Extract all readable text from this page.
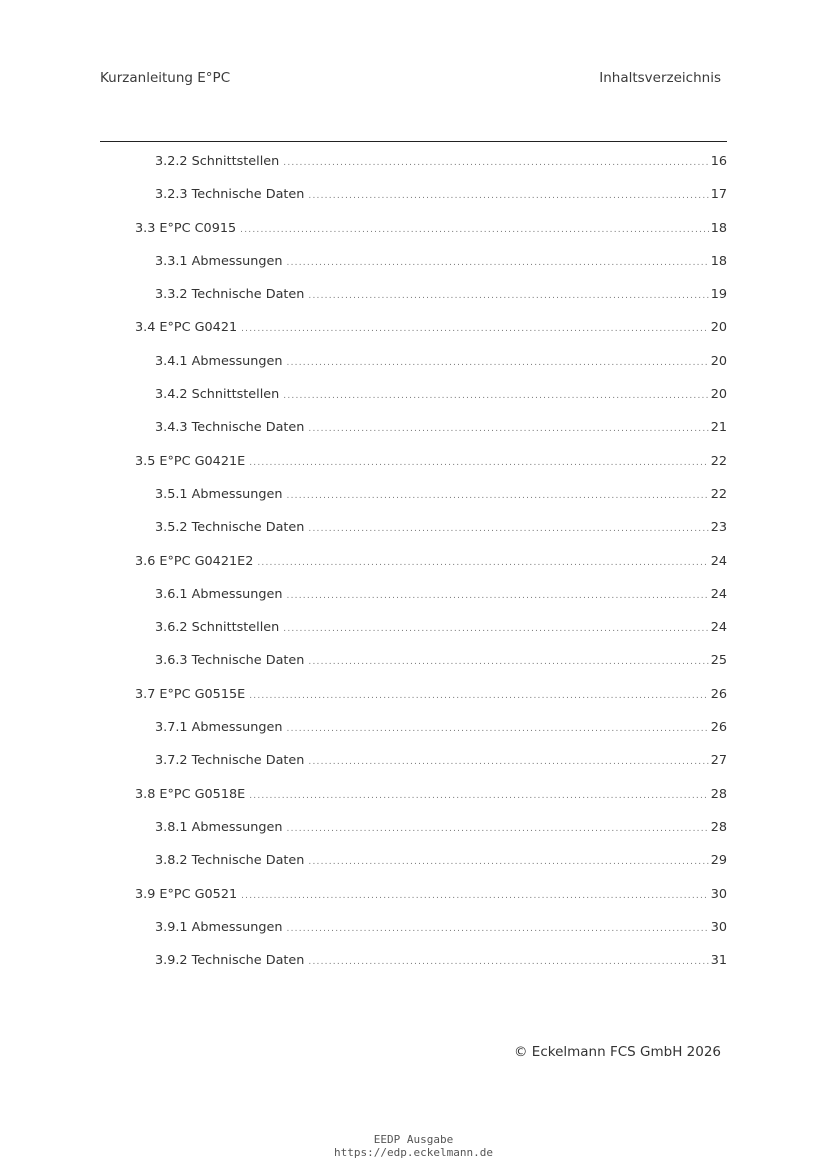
Kurzanleitung E°PC	Inhaltsverzeichnis
3.2.2 Schnittstellen .....	16
3.2.3 Technische Daten .....	17
3.3 E°PC C0915 .....	18
3.3.1 Abmessungen .....	18
3.3.2 Technische Daten .....	19
3.4 E°PC G0421 .....	20
3.4.1 Abmessungen .....	20
3.4.2 Schnittstellen .....	20
3.4.3 Technische Daten .....	21
3.5 E°PC G0421E .....	22
3.5.1 Abmessungen .....	22
3.5.2 Technische Daten .....	23
3.6 E°PC G0421E2 .....	24
3.6.1 Abmessungen .....	24
3.6.2 Schnittstellen .....	24
3.6.3 Technische Daten .....	25
3.7 E°PC G0515E .....	26
3.7.1 Abmessungen .....	26
3.7.2 Technische Daten .....	27
3.8 E°PC G0518E .....	28
3.8.1 Abmessungen .....	28
3.8.2 Technische Daten .....	29
3.9 E°PC G0521 .....	30
3.9.1 Abmessungen .....	30
3.9.2 Technische Daten .....	31
© Eckelmann FCS GmbH 2026
EEDP Ausgabe
https://edp.eckelmann.de
